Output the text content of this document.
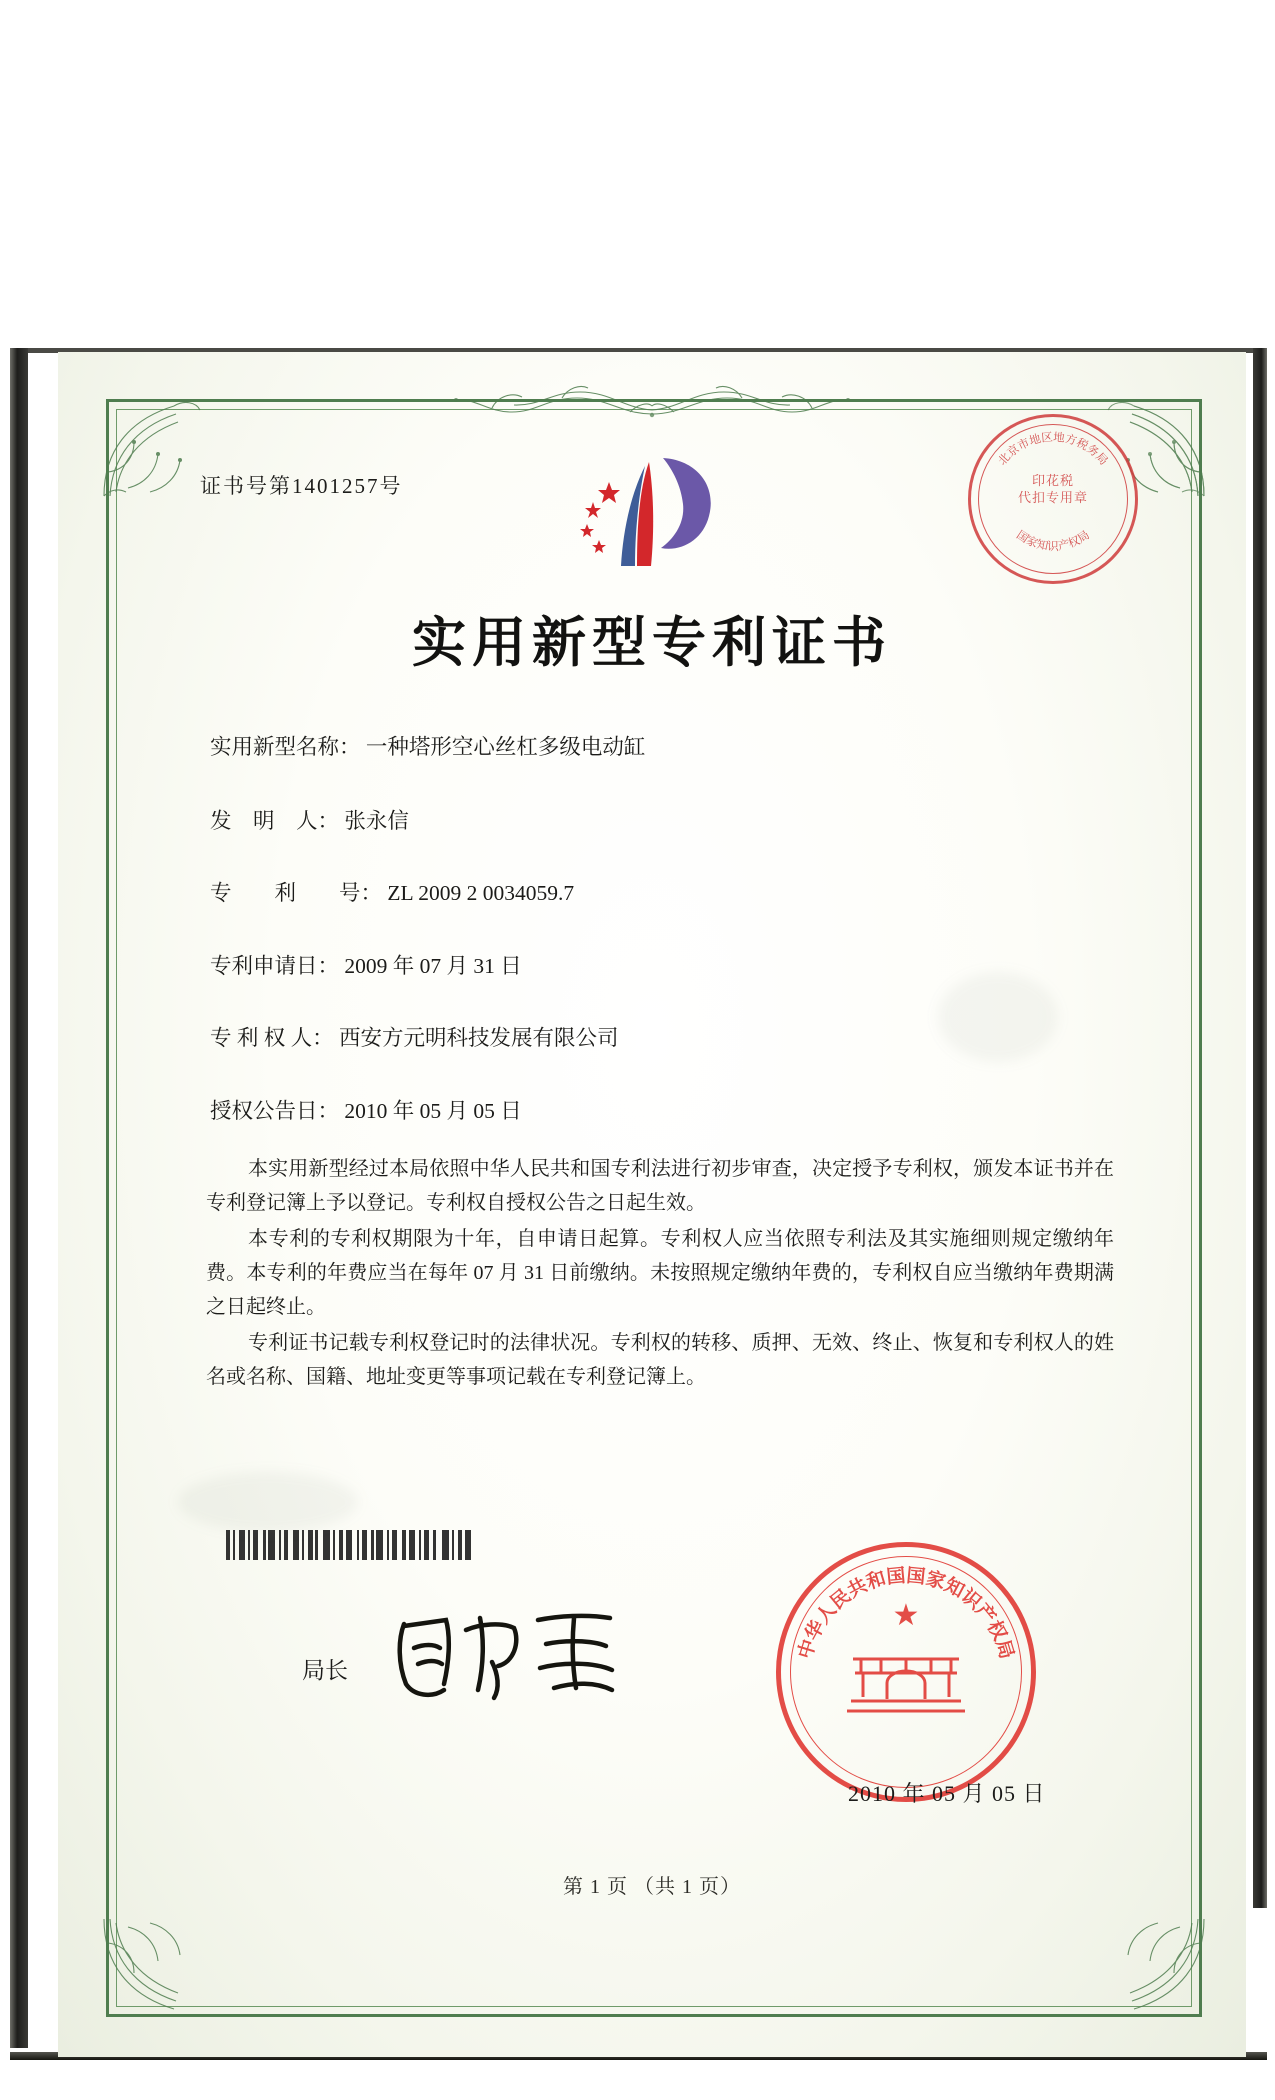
证书号第1401257号
北京市地区地方税务局
国家知识产权局
印花税
代扣专用章
实用新型专利证书
实用新型名称： 一种塔形空心丝杠多级电动缸
发　明　人： 张永信
专　　利　　号： ZL 2009 2 0034059.7
专利申请日： 2009 年 07 月 31 日
专 利 权 人： 西安方元明科技发展有限公司
授权公告日： 2010 年 05 月 05 日

本实用新型经过本局依照中华人民共和国专利法进行初步审查，决定授予专利权，颁发本证书并在专利登记簿上予以登记。专利权自授权公告之日起生效。

本专利的专利权期限为十年，自申请日起算。专利权人应当依照专利法及其实施细则规定缴纳年费。本专利的年费应当在每年 07 月 31 日前缴纳。未按照规定缴纳年费的，专利权自应当缴纳年费期满之日起终止。

专利证书记载专利权登记时的法律状况。专利权的转移、质押、无效、终止、恢复和专利权人的姓名或名称、国籍、地址变更等事项记载在专利登记簿上。

局长
中华人民共和国国家知识产权局
★
2010 年 05 月 05 日
第 1 页 （共 1 页）
